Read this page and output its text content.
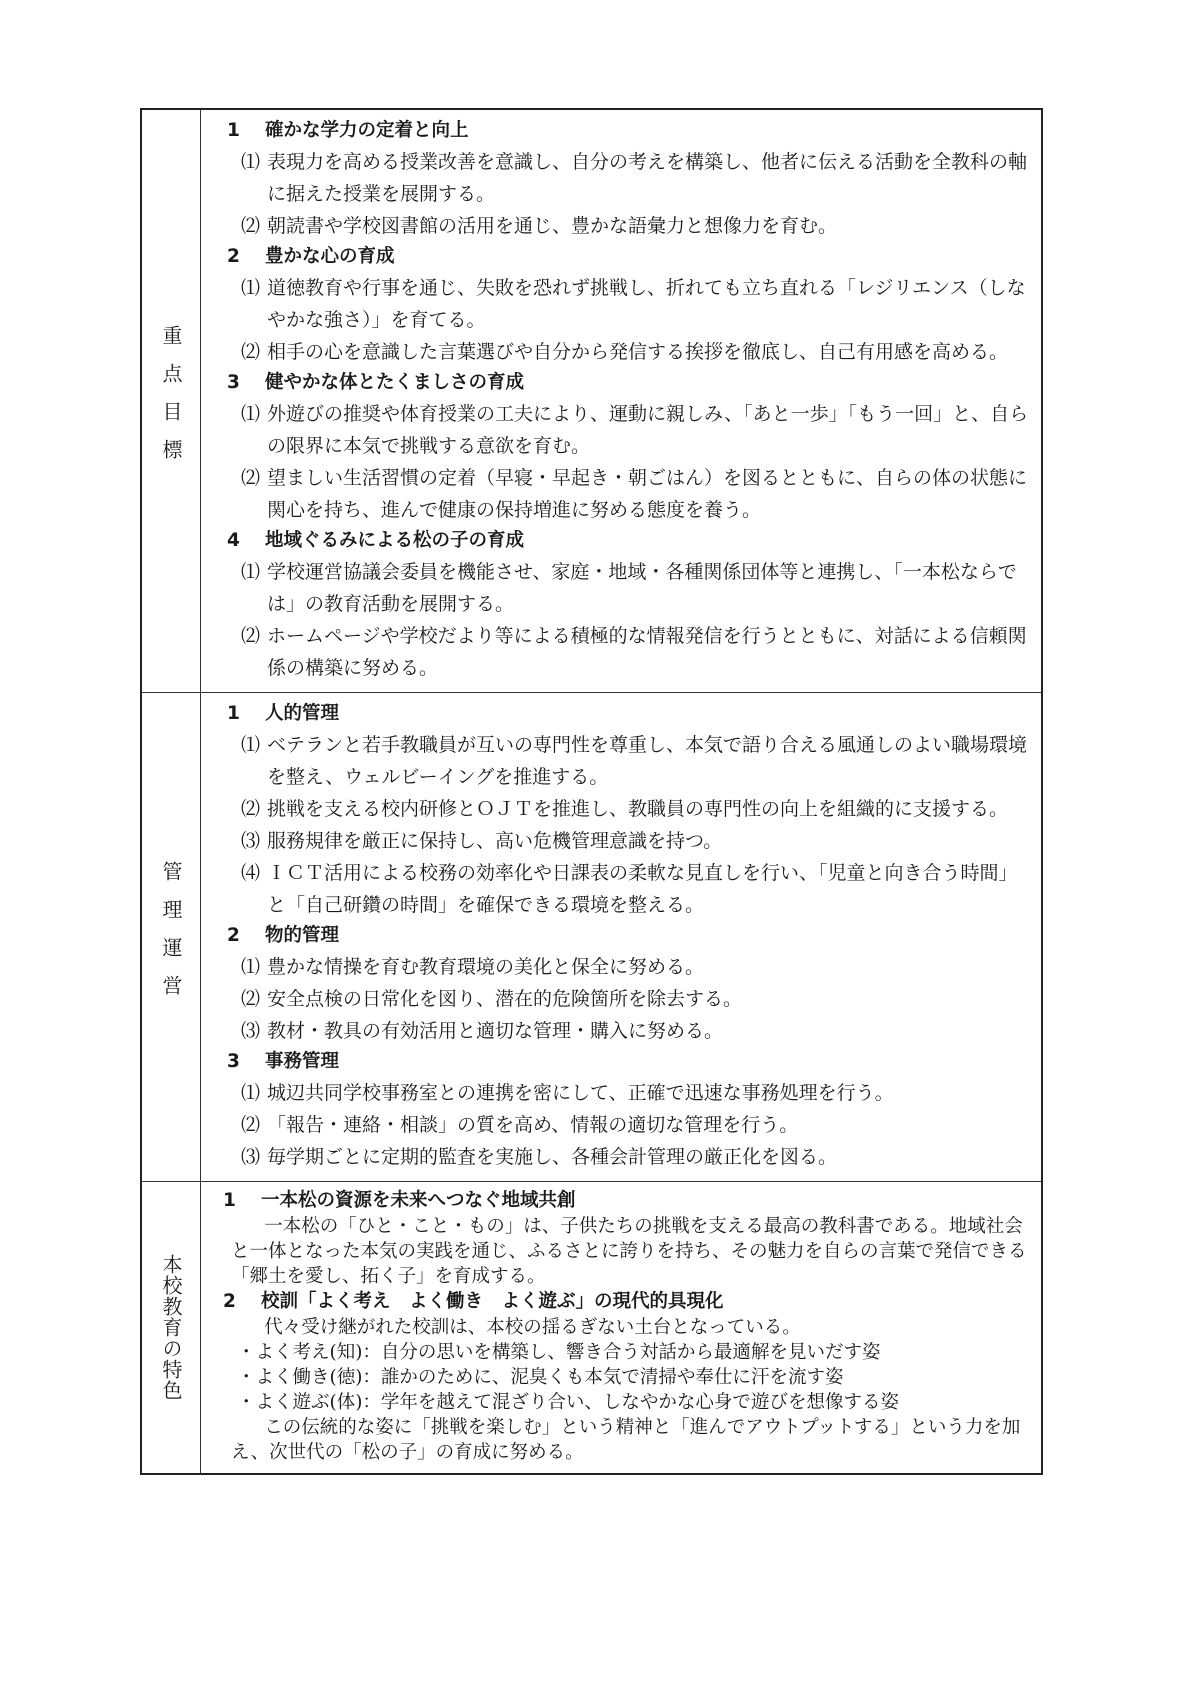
重点目標
1 確かな学力の定着と向上
⑴ 表現力を高める授業改善を意識し、自分の考えを構築し、他者に伝える活動を全教科の軸に据えた授業を展開する。
⑵ 朝読書や学校図書館の活用を通じ、豊かな語彙力と想像力を育む。
2 豊かな心の育成
⑴ 道徳教育や行事を通じ、失敗を恐れず挑戦し、折れても立ち直れる「レジリエンス（しなやかな強さ）」を育てる。
⑵ 相手の心を意識した言葉選びや自分から発信する挨拶を徹底し、自己有用感を高める。
3 健やかな体とたくましさの育成
⑴ 外遊びの推奨や体育授業の工夫により、運動に親しみ、「あと一歩」「もう一回」と、自らの限界に本気で挑戦する意欲を育む。
⑵ 望ましい生活習慣の定着（早寝・早起き・朝ごはん）を図るとともに、自らの体の状態に関心を持ち、進んで健康の保持増進に努める態度を養う。
4 地域ぐるみによる松の子の育成
⑴ 学校運営協議会委員を機能させ、家庭・地域・各種関係団体等と連携し、「一本松ならでは」の教育活動を展開する。
⑵ ホームページや学校だより等による積極的な情報発信を行うとともに、対話による信頼関係の構築に努める。
管理運営
1 人的管理
⑴ ベテランと若手教職員が互いの専門性を尊重し、本気で語り合える風通しのよい職場環境を整え、ウェルビーイングを推進する。
⑵ 挑戦を支える校内研修とＯＪＴを推進し、教職員の専門性の向上を組織的に支援する。
⑶ 服務規律を厳正に保持し、高い危機管理意識を持つ。
⑷ ＩＣＴ活用による校務の効率化や日課表の柔軟な見直しを行い、「児童と向き合う時間」と「自己研鑽の時間」を確保できる環境を整える。
2 物的管理
⑴ 豊かな情操を育む教育環境の美化と保全に努める。
⑵ 安全点検の日常化を図り、潜在的危険箇所を除去する。
⑶ 教材・教具の有効活用と適切な管理・購入に努める。
3 事務管理
⑴ 城辺共同学校事務室との連携を密にして、正確で迅速な事務処理を行う。
⑵ 「報告・連絡・相談」の質を高め、情報の適切な管理を行う。
⑶ 毎学期ごとに定期的監査を実施し、各種会計管理の厳正化を図る。
本校教育の特色
1 一本松の資源を未来へつなぐ地域共創
一本松の「ひと・こと・もの」は、子供たちの挑戦を支える最高の教科書である。地域社会と一体となった本気の実践を通じ、ふるさとに誇りを持ち、その魅力を自らの言葉で発信できる「郷土を愛し、拓く子」を育成する。
2 校訓「よく考え　よく働き　よく遊ぶ」の現代的具現化
代々受け継がれた校訓は、本校の揺るぎない土台となっている。
・よく考え(知)：自分の思いを構築し、響き合う対話から最適解を見いだす姿
・よく働き(徳)：誰かのために、泥臭くも本気で清掃や奉仕に汗を流す姿
・よく遊ぶ(体)：学年を越えて混ざり合い、しなやかな心身で遊びを想像する姿
この伝統的な姿に「挑戦を楽しむ」という精神と「進んでアウトプットする」という力を加え、次世代の「松の子」の育成に努める。
